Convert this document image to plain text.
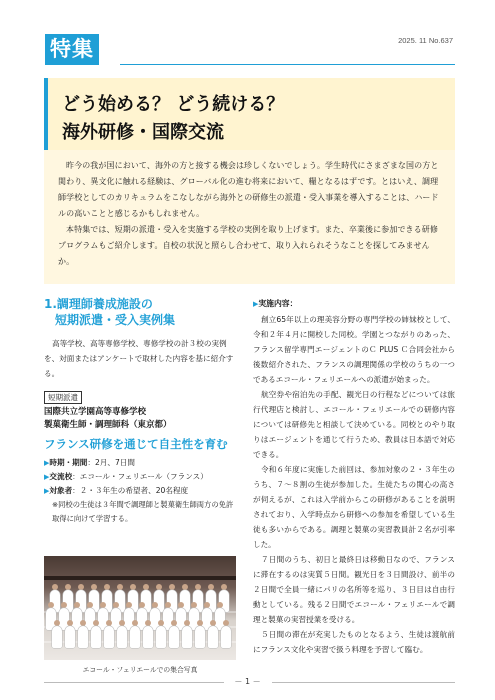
特集	2025. 11 No.637
どう始める？ どう続ける？
海外研修・国際交流

昨今の我が国において、海外の方と接する機会は珍しくないでしょう。学生時代にさまざまな国の方と関わり、異文化に触れる経験は、グローバル化の進む将来において、糧となるはずです。とはいえ、調理師学校としてのカリキュラムをこなしながら海外との研修生の派遣・受入事業を導入することは、ハードルの高いことと感じるかもしれません。

本特集では、短期の派遣・受入を実施する学校の実例を取り上げます。また、卒業後に参加できる研修プログラムもご紹介します。自校の状況と照らし合わせて、取り入れられそうなことを探してみませんか。

1.調理師養成施設の
短期派遣・受入実例集

高等学校、高等専修学校、専修学校の計３校の実例を、対面またはアンケートで取材した内容を基に紹介する。

短期派遣
国際共立学園高等専修学校
製菓衛生師・調理師科（東京都）
フランス研修を通じて自主性を育む
▶時期・期間：2月、7日間
▶交流校：エコール・フェリエール（フランス）
▶対象者：２・３年生の希望者、20名程度
※同校の生徒は３年間で調理師と製菓衛生師両方の免許取得に向けて学習する。
エコール・フェリエールでの集合写真
▶実施内容：

創立65年以上の理美容分野の専門学校の姉妹校として、令和２年４月に開校した同校。学園とつながりのあった、フランス留学専門エージェントのＣ PLUS Ｃ合同会社から後数紹介された、フランスの調理関係の学校のうちの一つであるエコール・フェリエールへの派遣が始まった。

航空券や宿泊先の手配、観光日の行程などについては旅行代理店と検討し、エコール・フェリエールでの研修内容については研修先と相談して決めている。同校とのやり取りはエージェントを通じて行うため、教員は日本語で対応できる。

令和６年度に実施した前回は、参加対象の２・３年生のうち、７～８割の生徒が参加した。生徒たちの関心の高さが伺えるが、これは入学前からこの研修があることを説明されており、入学時点から研修への参加を希望している生徒も多いからである。調理と製菓の実習教員計２名が引率した。

７日間のうち、初日と最終日は移動日なので、フランスに滞在するのは実質５日間。観光日を３日間設け、前半の２日間で全員一緒にパリの名所等を巡り、３日目は自由行動としている。残る２日間でエコール・フェリエールで調理と製菓の実習授業を受ける。

５日間の滞在が充実したものとなるよう、生徒は渡航前にフランス文化や実習で扱う料理を予習して臨む。

－ 1 －
